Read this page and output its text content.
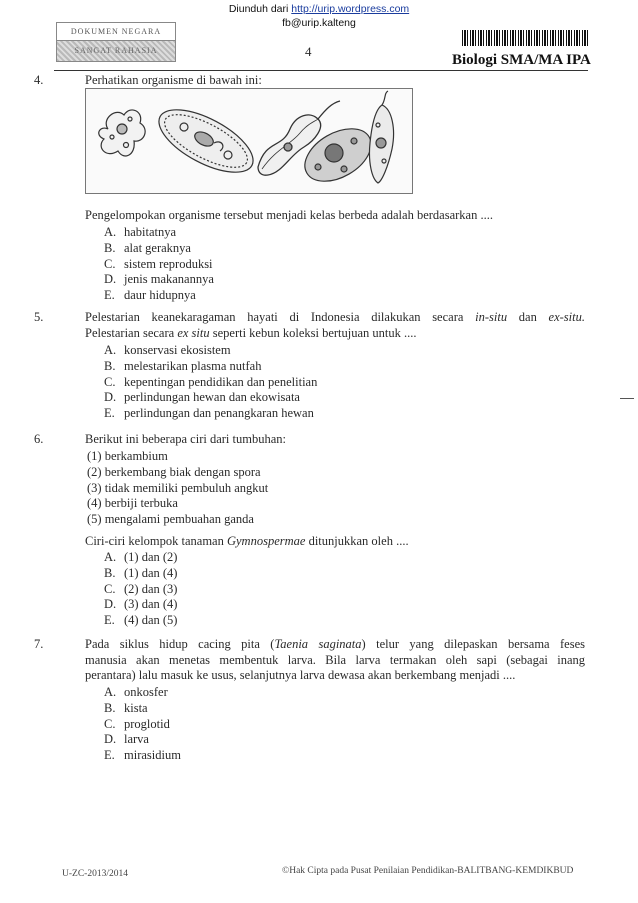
Diunduh dari http://urip.wordpress.com
fb@urip.kalteng
DOKUMEN NEGARA
SANGAT RAHASIA	4
Biologi SMA/MA IPA
4.	Perhatikan organisme di bawah ini:
Pengelompokan organisme tersebut menjadi kelas berbeda adalah berdasarkan ....
A. habitatnya
B. alat geraknya
C. sistem reproduksi
D. jenis makanannya
E. daur hidupnya
5.	Pelestarian keanekaragaman hayati di Indonesia dilakukan secara in-situ dan ex-situ.
Pelestarian secara ex situ seperti kebun koleksi bertujuan untuk ....
A. konservasi ekosistem
B. melestarikan plasma nutfah
C. kepentingan pendidikan dan penelitian
D. perlindungan hewan dan ekowisata
E. perlindungan dan penangkaran hewan
6.	Berikut ini beberapa ciri dari tumbuhan:
(1) berkambium
(2) berkembang biak dengan spora
(3) tidak memiliki pembuluh angkut
(4) berbiji terbuka
(5) mengalami pembuahan ganda
Ciri-ciri kelompok tanaman Gymnospermae ditunjukkan oleh ....
A. (1) dan (2)
B. (1) dan (4)
C. (2) dan (3)
D. (3) dan (4)
E. (4) dan (5)
7.	Pada siklus hidup cacing pita (Taenia saginata) telur yang dilepaskan bersama feses
manusia akan menetas membentuk larva. Bila larva termakan oleh sapi (sebagai inang
perantara) lalu masuk ke usus, selanjutnya larva dewasa akan berkembang menjadi ....
A. onkosfer
B. kista
C. proglotid
D. larva
E. mirasidium
U-ZC-2013/2014	©Hak Cipta pada Pusat Penilaian Pendidikan-BALITBANG-KEMDIKBUD
